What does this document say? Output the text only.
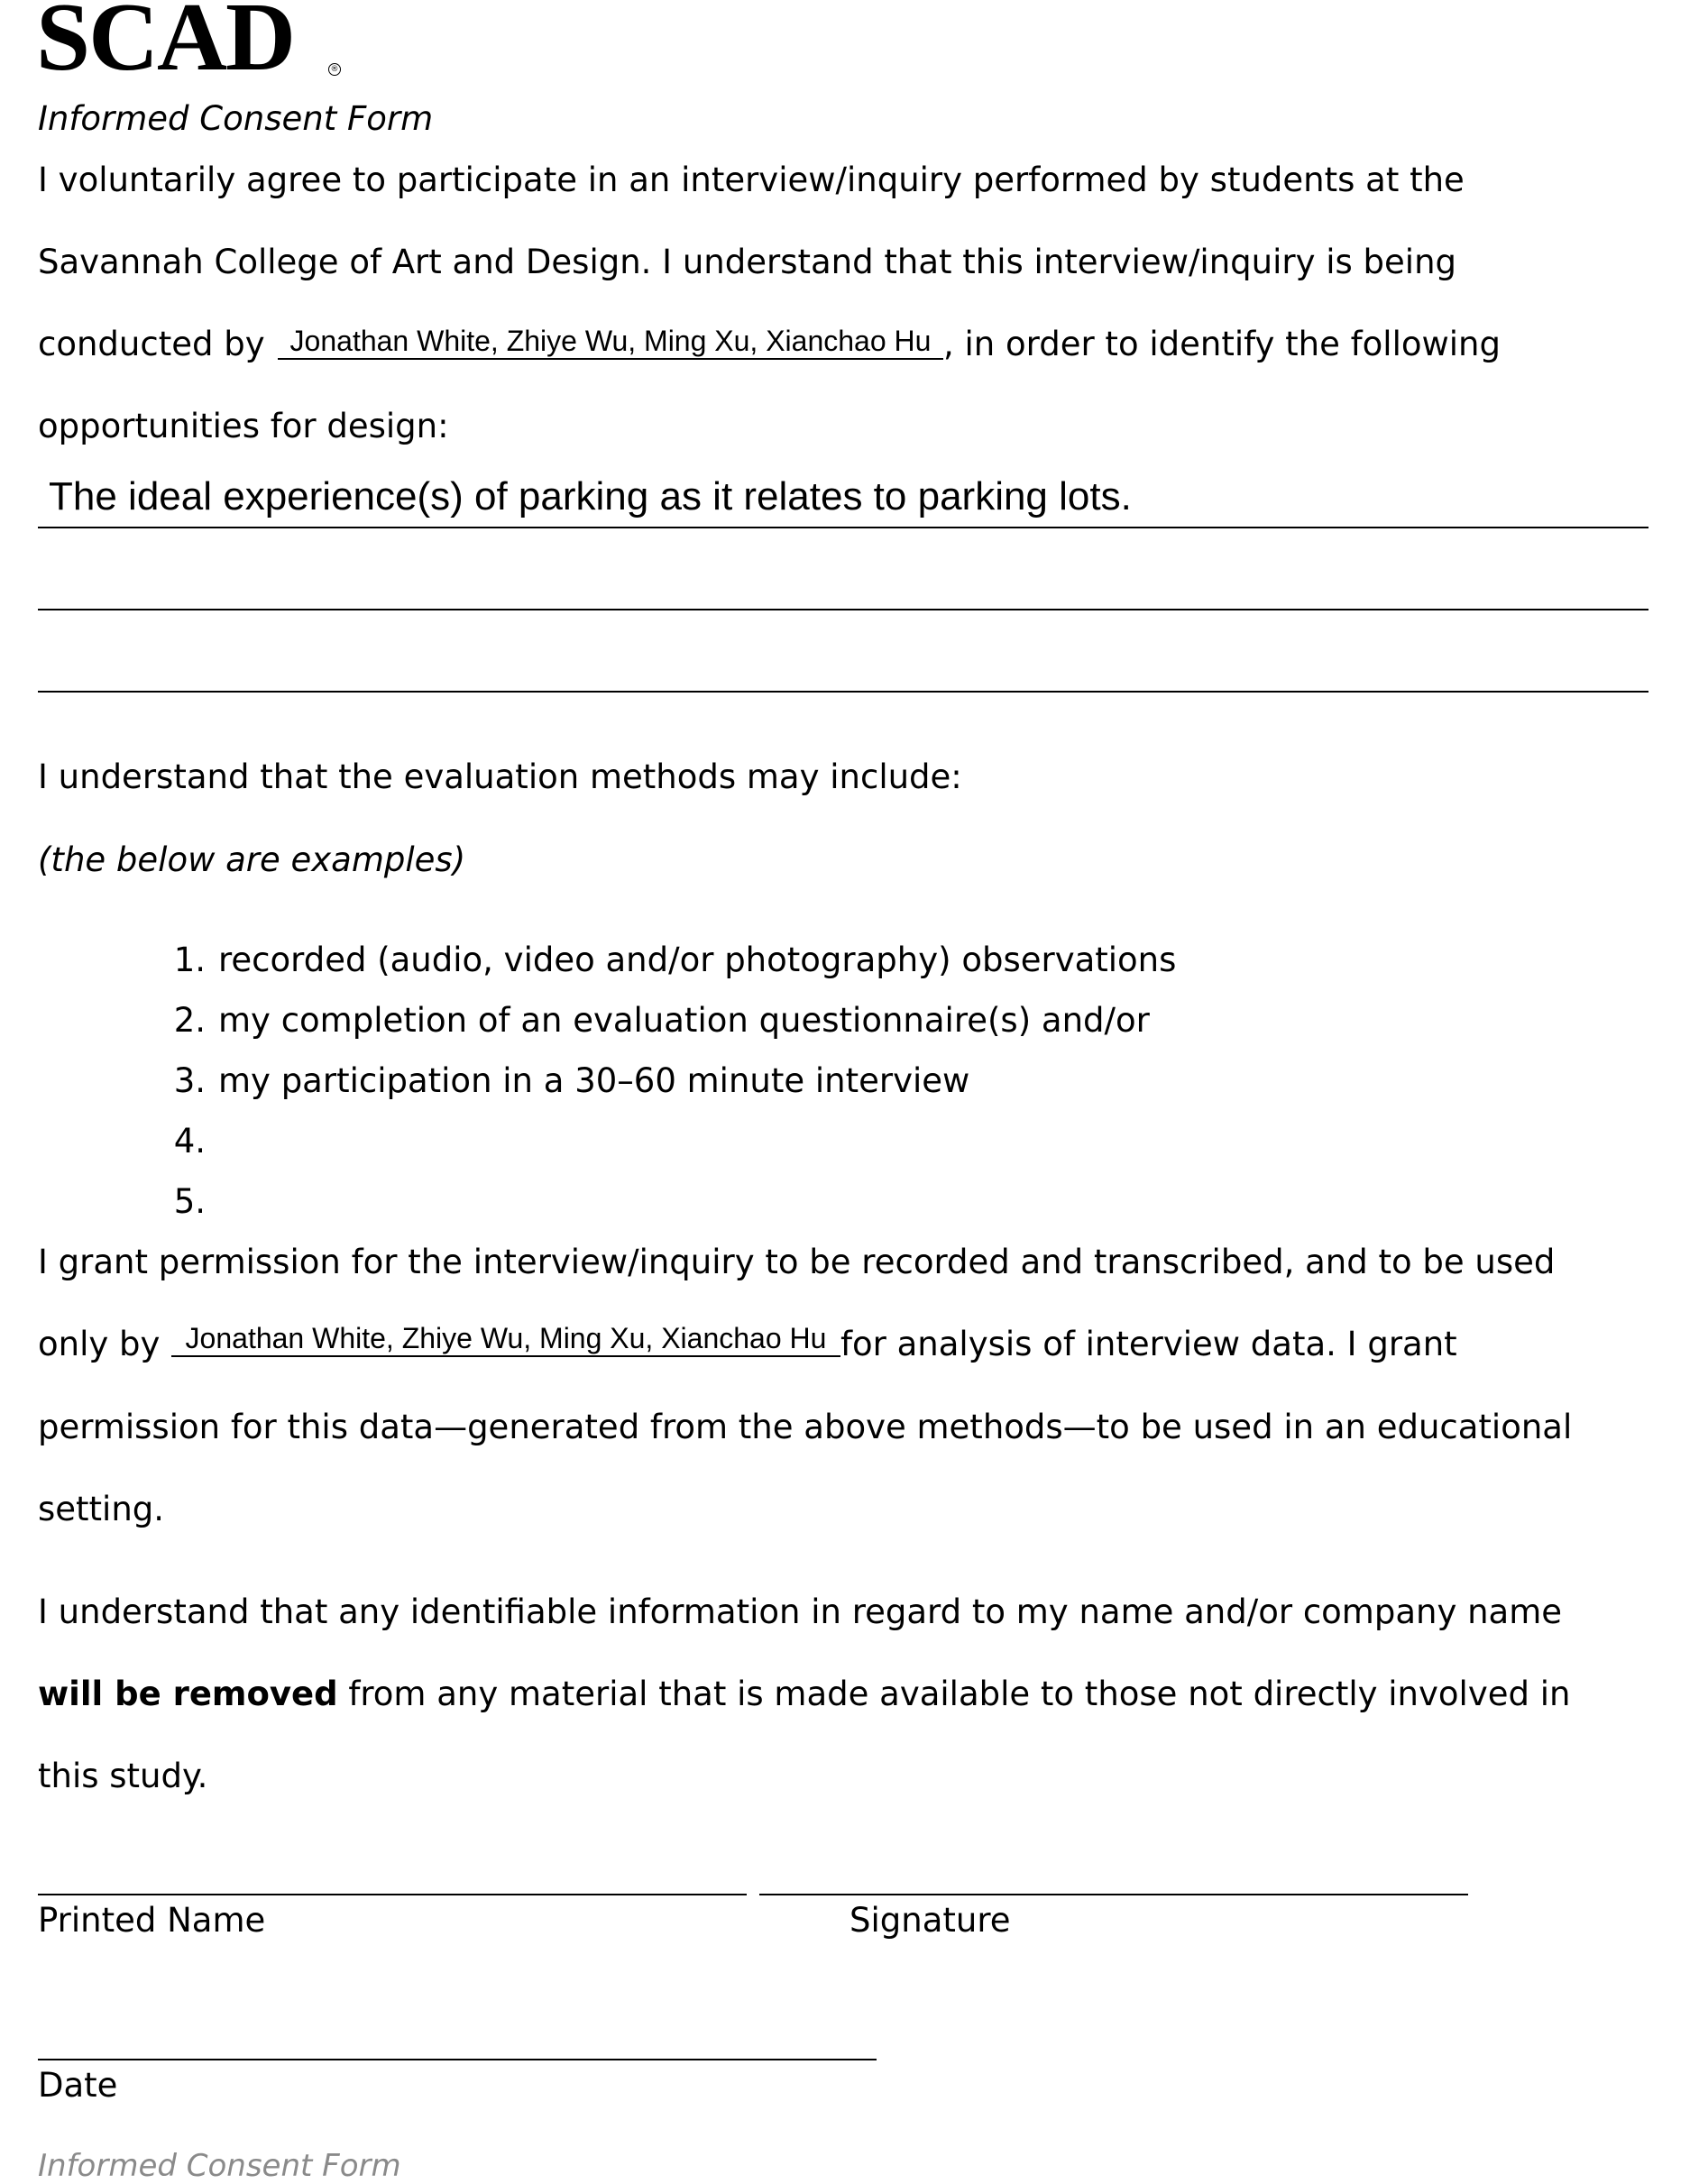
SCAD	®
Informed Consent Form
I voluntarily agree to participate in an interview/inquiry performed by students at the
Savannah College of Art and Design. I understand that this interview/inquiry is being
conducted by Jonathan White, Zhiye Wu, Ming Xu, Xianchao Hu , in order to identify the following
opportunities for design:
The ideal experience(s) of parking as it relates to parking lots.
I understand that the evaluation methods may include:
(the below are examples)
1. recorded (audio, video and/or photography) observations
2. my completion of an evaluation questionnaire(s) and/or
3. my participation in a 30–60 minute interview
4.
5.
I grant permission for the interview/inquiry to be recorded and transcribed, and to be used
only by Jonathan White, Zhiye Wu, Ming Xu, Xianchao Hu for analysis of interview data. I grant
permission for this data—generated from the above methods—to be used in an educational
setting.
I understand that any identifiable information in regard to my name and/or company name
will be removed from any material that is made available to those not directly involved in
this study.
Printed Name	Signature
Date
Informed Consent Form
